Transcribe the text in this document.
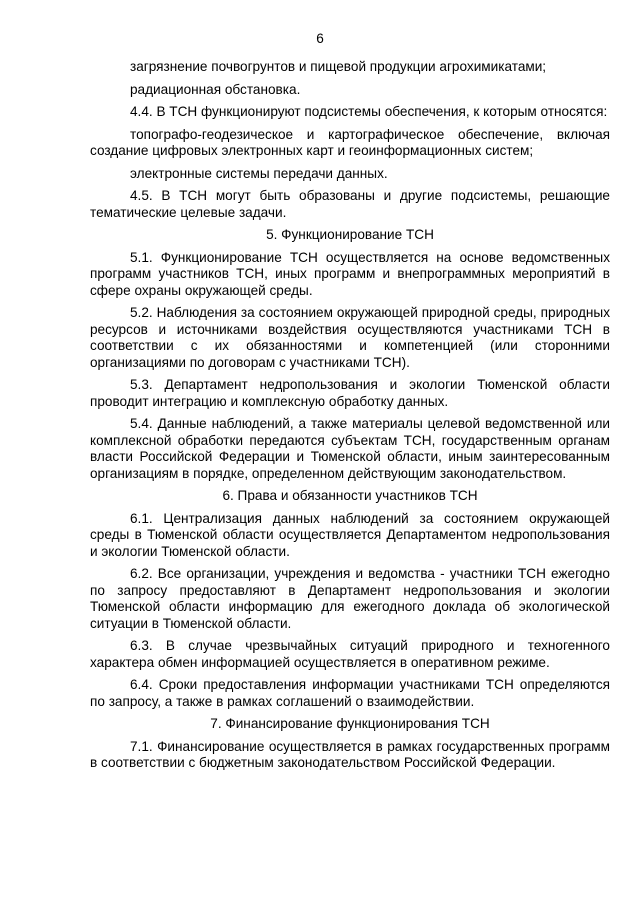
6

загрязнение почвогрунтов и пищевой продукции агрохимикатами;

радиационная обстановка.

4.4. В ТСН функционируют подсистемы обеспечения, к которым относятся:

топографо-геодезическое и картографическое обеспечение, включая создание цифровых электронных карт и геоинформационных систем;

электронные системы передачи данных.

4.5. В ТСН могут быть образованы и другие подсистемы, решающие тематические целевые задачи.

5. Функционирование ТСН

5.1. Функционирование ТСН осуществляется на основе ведомственных программ участников ТСН, иных программ и внепрограммных мероприятий в сфере охраны окружающей среды.

5.2. Наблюдения за состоянием окружающей природной среды, природных ресурсов и источниками воздействия осуществляются участниками ТСН в соответствии с их обязанностями и компетенцией (или сторонними организациями по договорам с участниками ТСН).

5.3. Департамент недропользования и экологии Тюменской области проводит интеграцию и комплексную обработку данных.

5.4. Данные наблюдений, а также материалы целевой ведомственной или комплексной обработки передаются субъектам ТСН, государственным органам власти Российской Федерации и Тюменской области, иным заинтересованным организациям в порядке, определенном действующим законодательством.

6. Права и обязанности участников ТСН

6.1. Централизация данных наблюдений за состоянием окружающей среды в Тюменской области осуществляется Департаментом недропользования и экологии Тюменской области.

6.2. Все организации, учреждения и ведомства - участники ТСН ежегодно по запросу предоставляют в Департамент недропользования и экологии Тюменской области информацию для ежегодного доклада об экологической ситуации в Тюменской области.

6.3. В случае чрезвычайных ситуаций природного и техногенного характера обмен информацией осуществляется в оперативном режиме.

6.4. Сроки предоставления информации участниками ТСН определяются по запросу, а также в рамках соглашений о взаимодействии.

7. Финансирование функционирования ТСН

7.1. Финансирование осуществляется в рамках государственных программ в соответствии с бюджетным законодательством Российской Федерации.
